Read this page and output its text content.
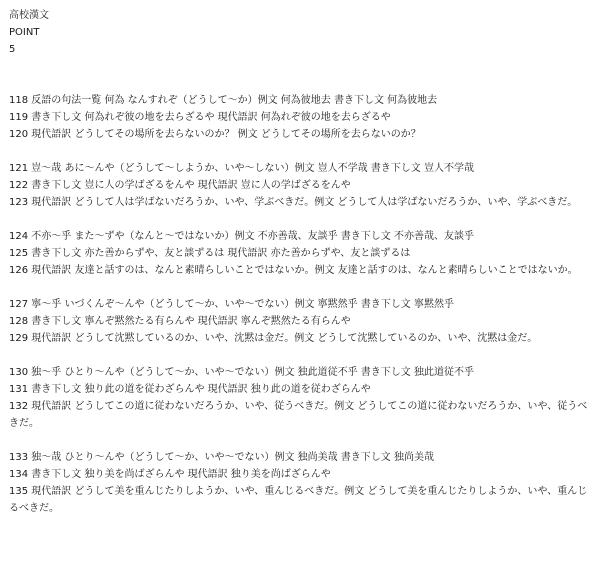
高校漢文
POINT
5
118 反語の句法一覧 何為 なんすれぞ（どうして〜か）例文 何為彼地去 書き下し文 何為彼地去
119 書き下し文 何為れぞ彼の地を去らざるや 現代語訳 何為れぞ彼の地を去らざるや
120 現代語訳 どうしてその場所を去らないのか？ 例文 どうしてその場所を去らないのか？
121 豈〜哉 あに〜んや（どうして〜しようか、いや〜しない）例文 豈人不学哉 書き下し文 豈人不学哉
122 書き下し文 豈に人の学ばざるをんや 現代語訳 豈に人の学ばざるをんや
123 現代語訳 どうして人は学ばないだろうか、いや、学ぶべきだ。例文 どうして人は学ばないだろうか、いや、学ぶべきだ。
124 不亦〜乎 また〜ずや（なんと〜ではないか）例文 不亦善哉、友談乎 書き下し文 不亦善哉、友談乎
125 書き下し文 亦た善からずや、友と談ずるは 現代語訳 亦た善からずや、友と談ずるは
126 現代語訳 友達と話すのは、なんと素晴らしいことではないか。例文 友達と話すのは、なんと素晴らしいことではないか。
127 寧〜乎 いづくんぞ〜んや（どうして〜か、いや〜でない）例文 寧黙然乎 書き下し文 寧黙然乎
128 書き下し文 寧んぞ黙然たる有らんや 現代語訳 寧んぞ黙然たる有らんや
129 現代語訳 どうして沈黙しているのか、いや、沈黙は金だ。例文 どうして沈黙しているのか、いや、沈黙は金だ。
130 独〜乎 ひとり〜んや（どうして〜か、いや〜でない）例文 独此道従不乎 書き下し文 独此道従不乎
131 書き下し文 独り此の道を従わざらんや 現代語訳 独り此の道を従わざらんや
132 現代語訳 どうしてこの道に従わないだろうか、いや、従うべきだ。例文 どうしてこの道に従わないだろうか、いや、従うべきだ。
133 独〜哉 ひとり〜んや（どうして〜か、いや〜でない）例文 独尚美哉 書き下し文 独尚美哉
134 書き下し文 独り美を尚ばざらんや 現代語訳 独り美を尚ばざらんや
135 現代語訳 どうして美を重んじたりしようか、いや、重んじるべきだ。例文 どうして美を重んじたりしようか、いや、重んじるべきだ。
